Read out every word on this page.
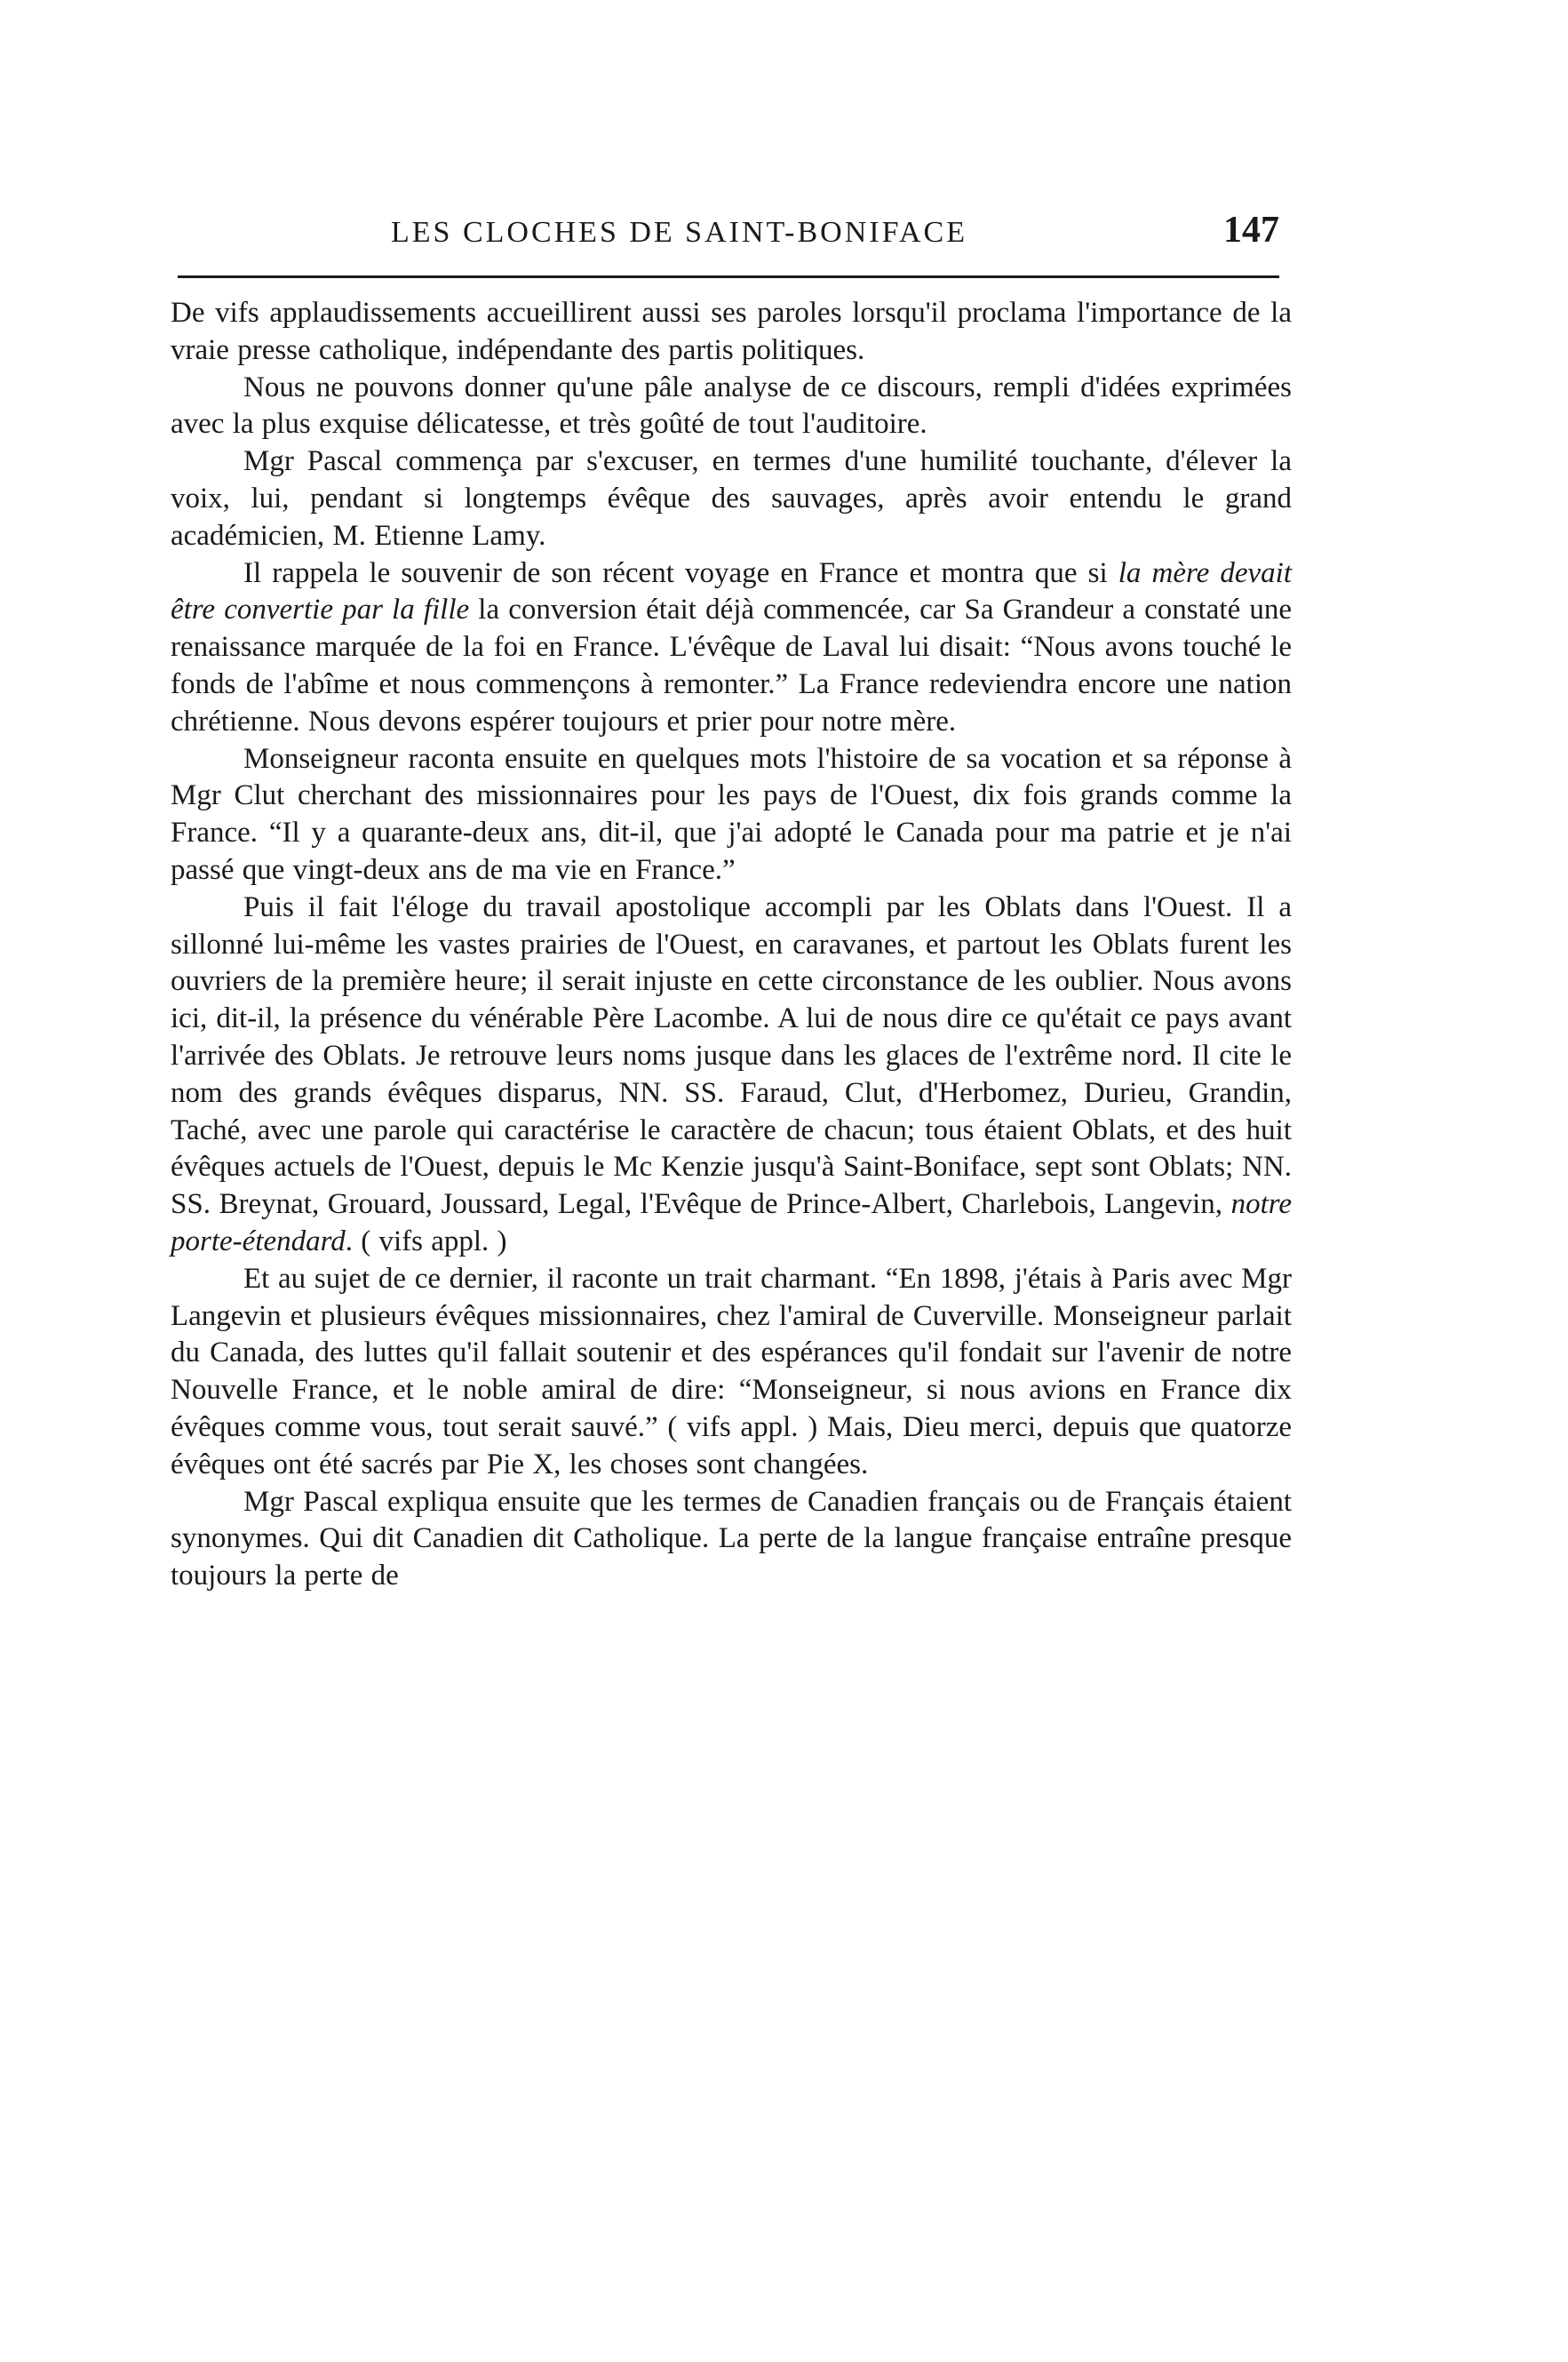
LES CLOCHES DE SAINT-BONIFACE	147

De vifs applaudissements accueillirent aussi ses paroles lorsqu'il proclama l'importance de la vraie presse catholique, indépendante des partis politiques.

Nous ne pouvons donner qu'une pâle analyse de ce discours, rempli d'idées exprimées avec la plus exquise délicatesse, et très goûté de tout l'auditoire.

Mgr Pascal commença par s'excuser, en termes d'une humilité touchante, d'élever la voix, lui, pendant si longtemps évêque des sauvages, après avoir entendu le grand académicien, M. Etienne Lamy.

Il rappela le souvenir de son récent voyage en France et montra que si la mère devait être convertie par la fille la conversion était déjà commencée, car Sa Grandeur a constaté une renaissance marquée de la foi en France. L'évêque de Laval lui disait: “Nous avons touché le fonds de l'abîme et nous commençons à remonter.” La France redeviendra encore une nation chrétienne. Nous devons espérer toujours et prier pour notre mère.

Monseigneur raconta ensuite en quelques mots l'histoire de sa vocation et sa réponse à Mgr Clut cherchant des missionnaires pour les pays de l'Ouest, dix fois grands comme la France. “Il y a quarante-deux ans, dit-il, que j'ai adopté le Canada pour ma patrie et je n'ai passé que vingt-deux ans de ma vie en France.”

Puis il fait l'éloge du travail apostolique accompli par les Oblats dans l'Ouest. Il a sillonné lui-même les vastes prairies de l'Ouest, en caravanes, et partout les Oblats furent les ouvriers de la première heure; il serait injuste en cette circonstance de les oublier. Nous avons ici, dit-il, la présence du vénérable Père Lacombe. A lui de nous dire ce qu'était ce pays avant l'arrivée des Oblats. Je retrouve leurs noms jusque dans les glaces de l'extrême nord. Il cite le nom des grands évêques disparus, NN. SS. Faraud, Clut, d'Herbomez, Durieu, Grandin, Taché, avec une parole qui caractérise le caractère de chacun; tous étaient Oblats, et des huit évêques actuels de l'Ouest, depuis le Mc Kenzie jusqu'à Saint-Boniface, sept sont Oblats; NN. SS. Breynat, Grouard, Joussard, Legal, l'Evêque de Prince-Albert, Charlebois, Langevin, notre porte-étendard. ( vifs appl. )

Et au sujet de ce dernier, il raconte un trait charmant. “En 1898, j'étais à Paris avec Mgr Langevin et plusieurs évêques missionnaires, chez l'amiral de Cuverville. Monseigneur parlait du Canada, des luttes qu'il fallait soutenir et des espérances qu'il fondait sur l'avenir de notre Nouvelle France, et le noble amiral de dire: “Monseigneur, si nous avions en France dix évêques comme vous, tout serait sauvé.” ( vifs appl. ) Mais, Dieu merci, depuis que quatorze évêques ont été sacrés par Pie X, les choses sont changées.

Mgr Pascal expliqua ensuite que les termes de Canadien français ou de Français étaient synonymes. Qui dit Canadien dit Catholique. La perte de la langue française entraîne presque toujours la perte de
